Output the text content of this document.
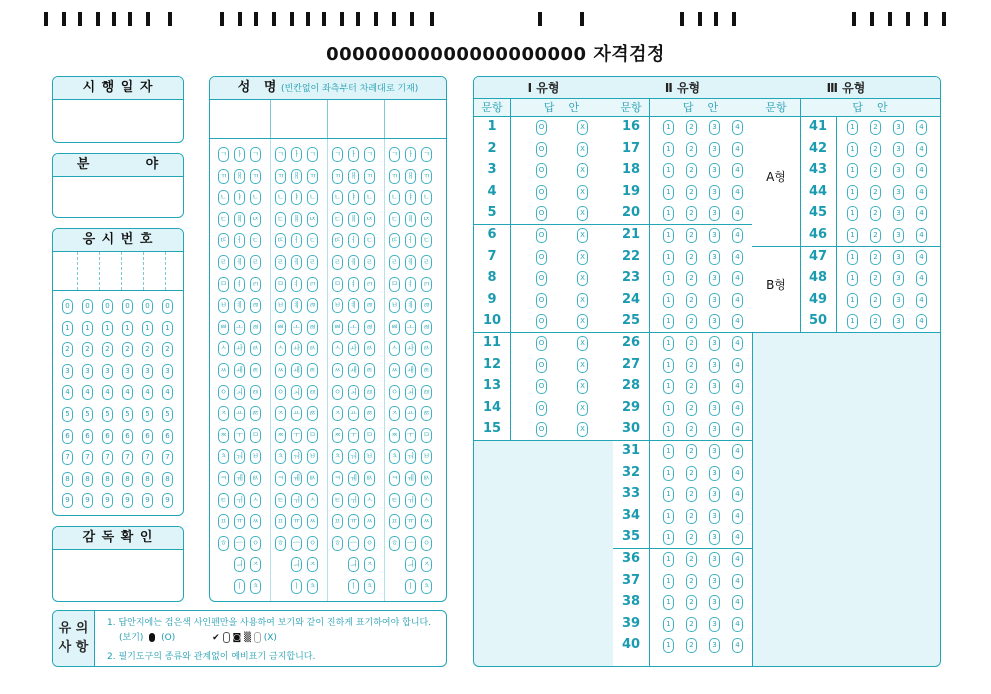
00000000000000000000 자격검정
시 행 일 자
분          야
응 시 번 호
0	0	0	0	0	0
1	1	1	1	1	1
2	2	2	2	2	2
3	3	3	3	3	3
4	4	4	4	4	4
5	5	5	5	5	5
6	6	6	6	6	6
7	7	7	7	7	7
8	8	8	8	8	8
9	9	9	9	9	9
감 독 확 인
성   명 (빈칸없이 좌측부터 차례대로 기재)
ㄱ	ㅏ	ㄱ	ㄱ	ㅏ	ㄱ	ㄱ	ㅏ	ㄱ	ㄱ	ㅏ	ㄱ
ㄲ	ㅐ	ㄲ	ㄲ	ㅐ	ㄲ	ㄲ	ㅐ	ㄲ	ㄲ	ㅐ	ㄲ
ㄴ	ㅑ	ㄴ	ㄴ	ㅑ	ㄴ	ㄴ	ㅑ	ㄴ	ㄴ	ㅑ	ㄴ
ㄷ	ㅒ	ㄵ	ㄷ	ㅒ	ㄵ	ㄷ	ㅒ	ㄵ	ㄷ	ㅒ	ㄵ
ㄸ	ㅓ	ㄷ	ㄸ	ㅓ	ㄷ	ㄸ	ㅓ	ㄷ	ㄸ	ㅓ	ㄷ
ㄹ	ㅔ	ㄹ	ㄹ	ㅔ	ㄹ	ㄹ	ㅔ	ㄹ	ㄹ	ㅔ	ㄹ
ㅁ	ㅕ	ㄺ	ㅁ	ㅕ	ㄺ	ㅁ	ㅕ	ㄺ	ㅁ	ㅕ	ㄺ
ㅂ	ㅖ	ㄻ	ㅂ	ㅖ	ㄻ	ㅂ	ㅖ	ㄻ	ㅂ	ㅖ	ㄻ
ㅃ	ㅗ	ㄼ	ㅃ	ㅗ	ㄼ	ㅃ	ㅗ	ㄼ	ㅃ	ㅗ	ㄼ
ㅅ	ㅘ	ㄽ	ㅅ	ㅘ	ㄽ	ㅅ	ㅘ	ㄽ	ㅅ	ㅘ	ㄽ
ㅆ	ㅙ	ㄾ	ㅆ	ㅙ	ㄾ	ㅆ	ㅙ	ㄾ	ㅆ	ㅙ	ㄾ
ㅇ	ㅚ	ㄿ	ㅇ	ㅚ	ㄿ	ㅇ	ㅚ	ㄿ	ㅇ	ㅚ	ㄿ
ㅈ	ㅛ	ㅀ	ㅈ	ㅛ	ㅀ	ㅈ	ㅛ	ㅀ	ㅈ	ㅛ	ㅀ
ㅉ	ㅜ	ㅁ	ㅉ	ㅜ	ㅁ	ㅉ	ㅜ	ㅁ	ㅉ	ㅜ	ㅁ
ㅊ	ㅝ	ㅂ	ㅊ	ㅝ	ㅂ	ㅊ	ㅝ	ㅂ	ㅊ	ㅝ	ㅂ
ㅋ	ㅞ	ㅄ	ㅋ	ㅞ	ㅄ	ㅋ	ㅞ	ㅄ	ㅋ	ㅞ	ㅄ
ㅌ	ㅟ	ㅅ	ㅌ	ㅟ	ㅅ	ㅌ	ㅟ	ㅅ	ㅌ	ㅟ	ㅅ
ㅍ	ㅠ	ㅆ	ㅍ	ㅠ	ㅆ	ㅍ	ㅠ	ㅆ	ㅍ	ㅠ	ㅆ
ㅎ	ㅡ	ㅇ	ㅎ	ㅡ	ㅇ	ㅎ	ㅡ	ㅇ	ㅎ	ㅡ	ㅇ
ㅢ	ㅈ	ㅢ	ㅈ	ㅢ	ㅈ	ㅢ	ㅈ
ㅣ	ㅊ	ㅣ	ㅊ	ㅣ	ㅊ	ㅣ	ㅊ
유 의 사 항
1. 답안지에는 검은색 사인펜만을 사용하여 보기와 같이 진하게 표기하여야 합니다.
(보기) (O)	✔ ◙ ▒ (X)
2. 필기도구의 종류와 관계없이 예비표기 금지합니다.
Ⅰ 유형
문항	답    안
Ⅱ 유형
문항	답    안
Ⅲ 유형
문항	답    안
1	O	X
2	O	X
3	O	X
4	O	X
5	O	X
6	O	X
7	O	X
8	O	X
9	O	X
10	O	X
11	O	X
12	O	X
13	O	X
14	O	X
15	O	X
16	1	2	3	4
17	1	2	3	4
18	1	2	3	4
19	1	2	3	4
20	1	2	3	4
21	1	2	3	4
22	1	2	3	4
23	1	2	3	4
24	1	2	3	4
25	1	2	3	4
26	1	2	3	4
27	1	2	3	4
28	1	2	3	4
29	1	2	3	4
30	1	2	3	4
31	1	2	3	4
32	1	2	3	4
33	1	2	3	4
34	1	2	3	4
35	1	2	3	4
36	1	2	3	4
37	1	2	3	4
38	1	2	3	4
39	1	2	3	4
40	1	2	3	4
41	1	2	3	4
42	1	2	3	4
43	1	2	3	4
44	1	2	3	4
45	1	2	3	4
46	1	2	3	4
47	1	2	3	4
48	1	2	3	4
49	1	2	3	4
50	1	2	3	4
A형
B형
